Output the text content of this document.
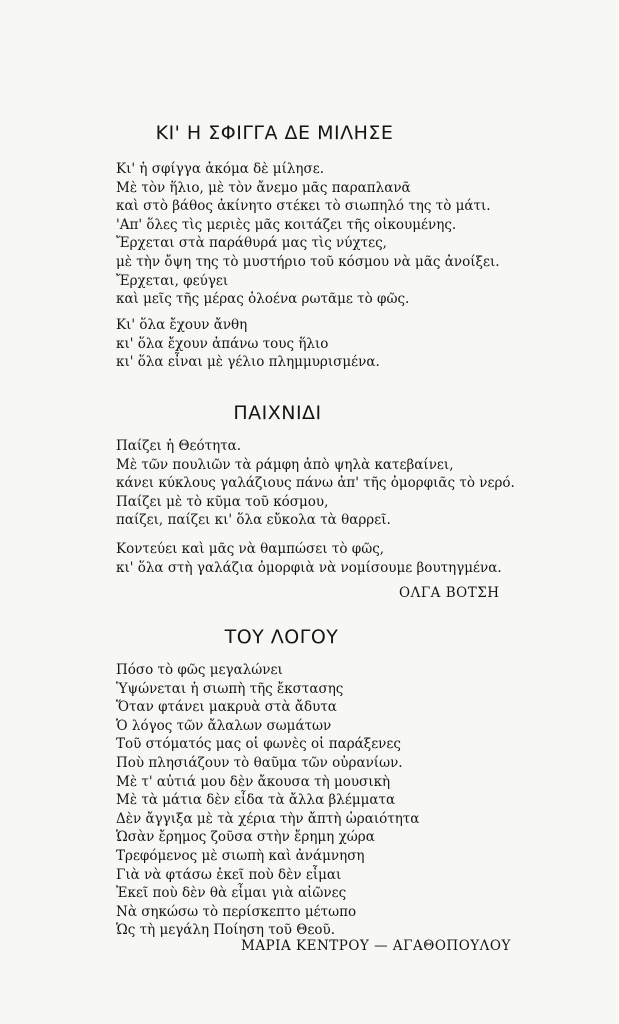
ΚΙ' Η ΣΦΙΓΓΑ ΔΕ ΜΙΛΗΣΕ
Κι' ἡ σφίγγα ἀκόμα δὲ μίλησε.
Μὲ τὸν ἥλιο, μὲ τὸν ἄνεμο μᾶς παραπλανᾶ
καὶ στὸ βάθος ἀκίνητο στέκει τὸ σιωπηλό της τὸ μάτι.
'Απ' ὅλες τὶς μεριὲς μᾶς κοιτάζει τῆς οἰκουμένης.
Ἔρχεται στὰ παράθυρά μας τὶς νύχτες,
μὲ τὴν ὄψη της τὸ μυστήριο τοῦ κόσμου νὰ μᾶς ἀνοίξει.
Ἔρχεται, φεύγει
καὶ μεῖς τῆς μέρας ὁλοένα ρωτᾶμε τὸ φῶς.
Κι' ὅλα ἔχουν ἄνθη
κι' ὅλα ἔχουν ἀπάνω τους ἥλιο
κι' ὅλα εἶναι μὲ γέλιο πλημμυρισμένα.
ΠΑΙΧΝΙΔΙ
Παίζει ἡ Θεότητα.
Μὲ τῶν πουλιῶν τὰ ράμφη ἀπὸ ψηλὰ κατεβαίνει,
κάνει κύκλους γαλάζιους πάνω ἀπ' τῆς ὀμορφιᾶς τὸ νερό.
Παίζει μὲ τὸ κῦμα τοῦ κόσμου,
παίζει, παίζει κι' ὅλα εὔκολα τὰ θαρρεῖ.
Κοντεύει καὶ μᾶς νὰ θαμπώσει τὸ φῶς,
κι' ὅλα στὴ γαλάζια ὀμορφιὰ νὰ νομίσουμε βουτηγμένα.
ΟΛΓΑ ΒΟΤΣΗ
ΤΟΥ ΛΟΓΟΥ
Πόσο τὸ φῶς μεγαλώνει
Ὑψώνεται ἡ σιωπὴ τῆς ἔκστασης
Ὅταν φτάνει μακρυὰ στὰ ἄδυτα
Ὁ λόγος τῶν ἄλαλων σωμάτων
Τοῦ στόματός μας οἱ φωνὲς οἱ παράξενες
Ποὺ πλησιάζουν τὸ θαῦμα τῶν οὐρανίων.
Μὲ τ' αὐτιά μου δὲν ἄκουσα τὴ μουσικὴ
Μὲ τὰ μάτια δὲν εἶδα τὰ ἄλλα βλέμματα
Δὲν ἄγγιξα μὲ τὰ χέρια τὴν ἄπτὴ ὡραιότητα
Ὡσὰν ἔρημος ζοῦσα στὴν ἔρημη χώρα
Τρεφόμενος μὲ σιωπὴ καὶ ἀνάμνηση
Γιὰ νὰ φτάσω ἐκεῖ ποὺ δὲν εἶμαι
Ἐκεῖ ποὺ δὲν θὰ εἶμαι γιὰ αἰῶνες
Νὰ σηκώσω τὸ περίσκεπτο μέτωπο
Ὡς τὴ μεγάλη Ποίηση τοῦ Θεοῦ.
ΜΑΡΙΑ ΚΕΝΤΡΟΥ — ΑΓΑΘΟΠΟΥΛΟΥ
